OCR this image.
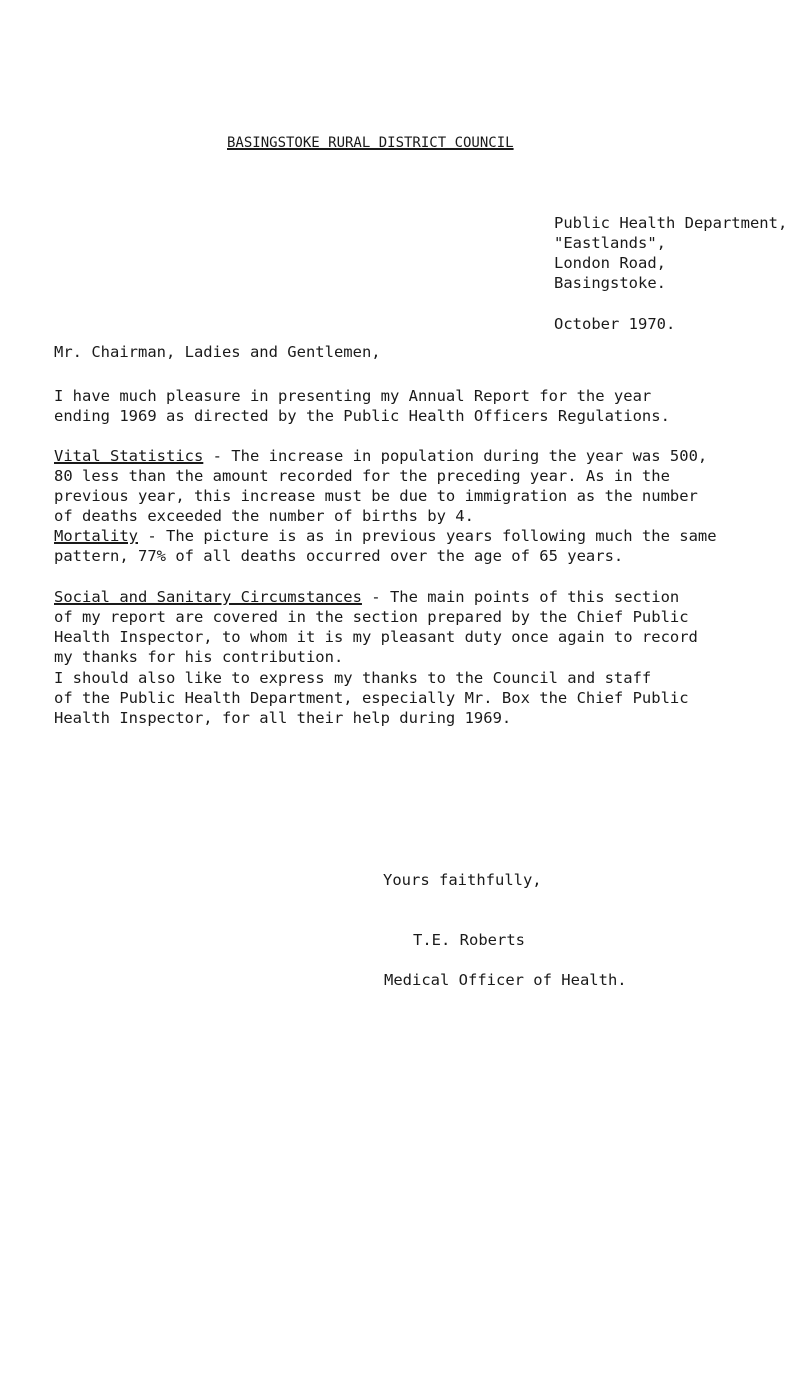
BASINGSTOKE RURAL DISTRICT COUNCIL
Public Health Department,
"Eastlands",
London Road,
Basingstoke.
October 1970.
Mr. Chairman, Ladies and Gentlemen,

I have much pleasure in presenting my Annual Report for the year
ending 1969 as directed by the Public Health Officers Regulations.

Vital Statistics - The increase in population during the year was 500,
80 less than the amount recorded for the preceding year. As in the
previous year, this increase must be due to immigration as the number
of deaths exceeded the number of births by 4.

Mortality - The picture is as in previous years following much the same
pattern, 77% of all deaths occurred over the age of 65 years.

Social and Sanitary Circumstances - The main points of this section
of my report are covered in the section prepared by the Chief Public
Health Inspector, to whom it is my pleasant duty once again to record
my thanks for his contribution.

I should also like to express my thanks to the Council and staff
of the Public Health Department, especially Mr. Box the Chief Public
Health Inspector, for all their help during 1969.

Yours faithfully,
T.E. Roberts
Medical Officer of Health.
